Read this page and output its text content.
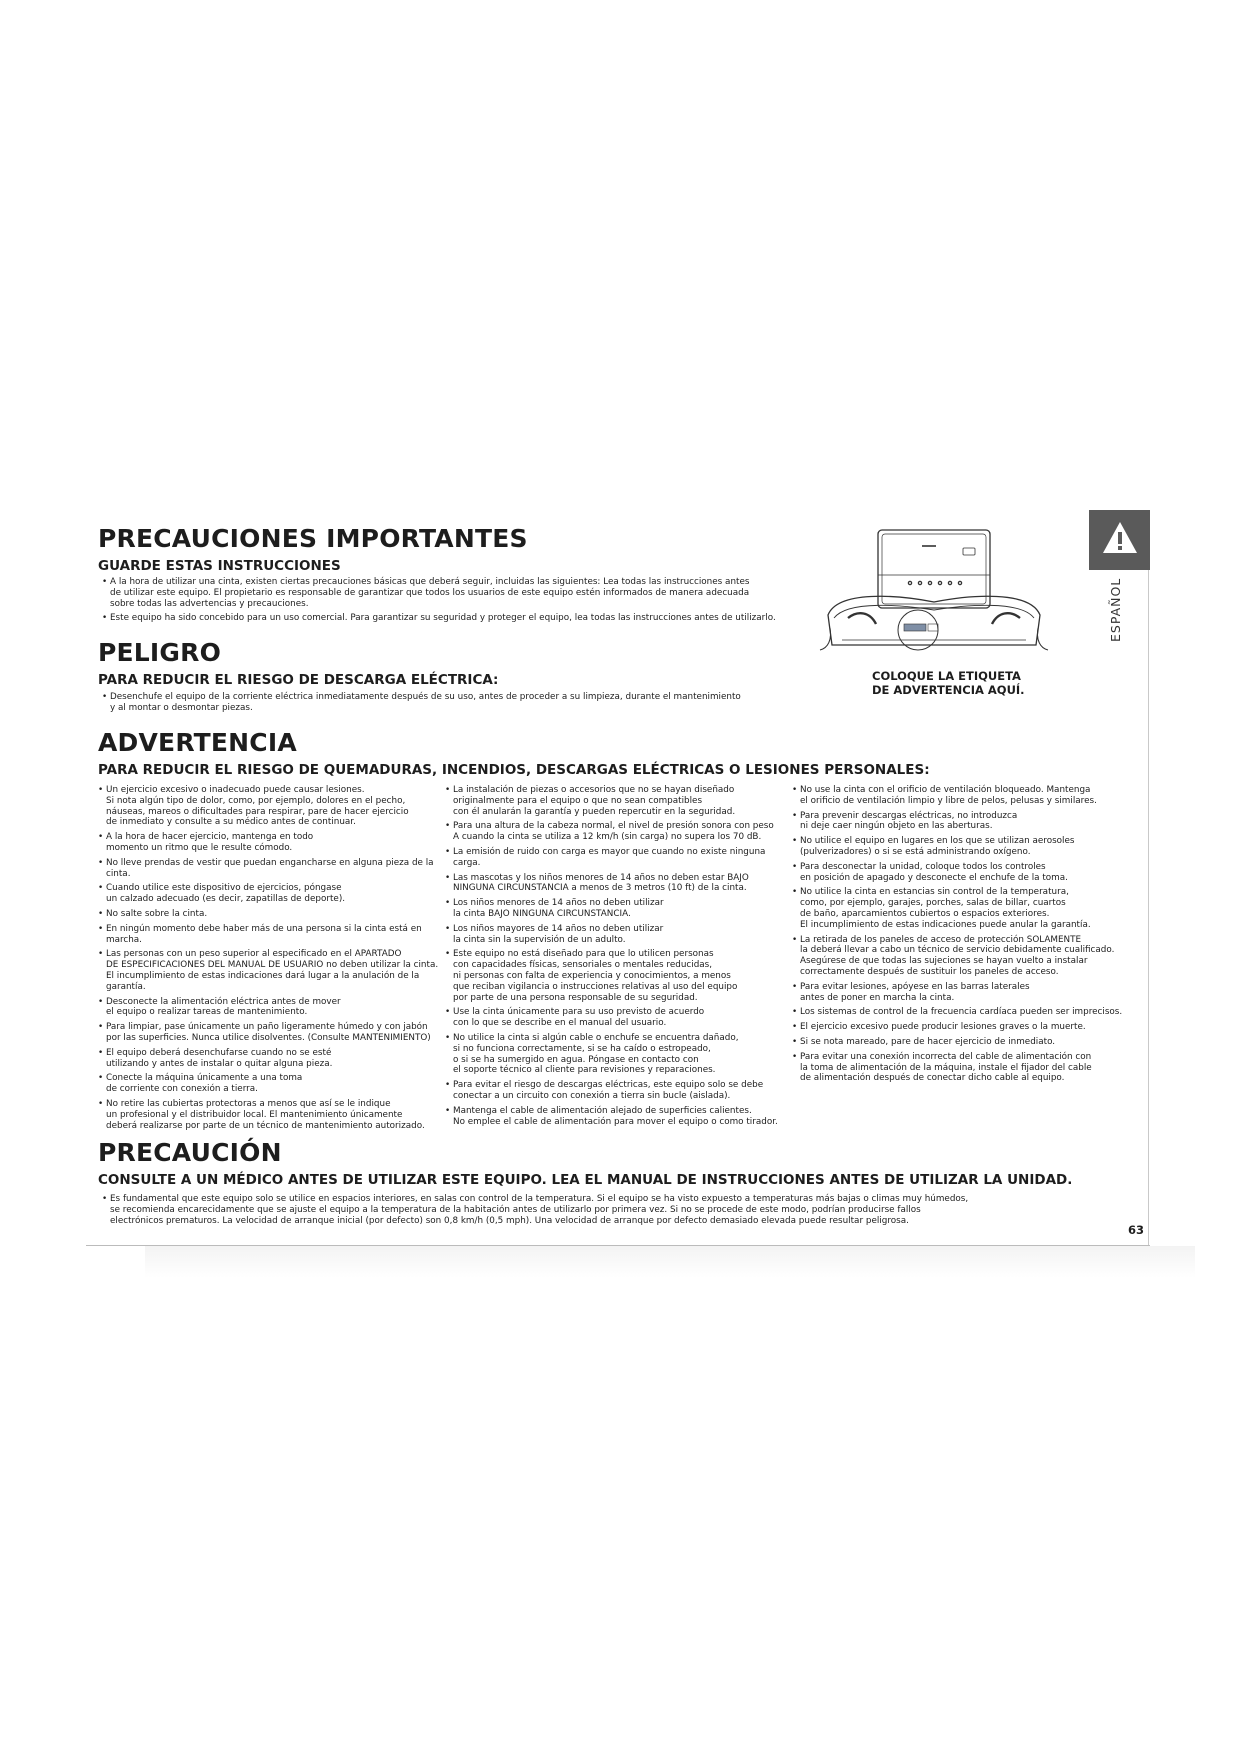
PRECAUCIONES IMPORTANTES
GUARDE ESTAS INSTRUCCIONES
• A la hora de utilizar una cinta, existen ciertas precauciones básicas que deberá seguir, incluidas las siguientes: Lea todas las instrucciones antes
de utilizar este equipo. El propietario es responsable de garantizar que todos los usuarios de este equipo estén informados de manera adecuada
sobre todas las advertencias y precauciones.
• Este equipo ha sido concebido para un uso comercial. Para garantizar su seguridad y proteger el equipo, lea todas las instrucciones antes de utilizarlo.
PELIGRO
PARA REDUCIR EL RIESGO DE DESCARGA ELÉCTRICA:
• Desenchufe el equipo de la corriente eléctrica inmediatamente después de su uso, antes de proceder a su limpieza, durante el mantenimiento
y al montar o desmontar piezas.
ADVERTENCIA
PARA REDUCIR EL RIESGO DE QUEMADURAS, INCENDIOS, DESCARGAS ELÉCTRICAS O LESIONES PERSONALES:
• Un ejercicio excesivo o inadecuado puede causar lesiones.
Si nota algún tipo de dolor, como, por ejemplo, dolores en el pecho,
náuseas, mareos o dificultades para respirar, pare de hacer ejercicio
de inmediato y consulte a su médico antes de continuar.
• A la hora de hacer ejercicio, mantenga en todo
momento un ritmo que le resulte cómodo.
• No lleve prendas de vestir que puedan engancharse en alguna pieza de la cinta.
• Cuando utilice este dispositivo de ejercicios, póngase
un calzado adecuado (es decir, zapatillas de deporte).
• No salte sobre la cinta.
• En ningún momento debe haber más de una persona si la cinta está en marcha.
• Las personas con un peso superior al especificado en el APARTADO
DE ESPECIFICACIONES DEL MANUAL DE USUARIO no deben utilizar la cinta.
El incumplimiento de estas indicaciones dará lugar a la anulación de la garantía.
• Desconecte la alimentación eléctrica antes de mover
el equipo o realizar tareas de mantenimiento.
• Para limpiar, pase únicamente un paño ligeramente húmedo y con jabón
por las superficies. Nunca utilice disolventes. (Consulte MANTENIMIENTO)
• El equipo deberá desenchufarse cuando no se esté
utilizando y antes de instalar o quitar alguna pieza.
• Conecte la máquina únicamente a una toma
de corriente con conexión a tierra.
• No retire las cubiertas protectoras a menos que así se le indique
un profesional y el distribuidor local. El mantenimiento únicamente
deberá realizarse por parte de un técnico de mantenimiento autorizado.
• La instalación de piezas o accesorios que no se hayan diseñado
originalmente para el equipo o que no sean compatibles
con él anularán la garantía y pueden repercutir en la seguridad.
• Para una altura de la cabeza normal, el nivel de presión sonora con peso
A cuando la cinta se utiliza a 12 km/h (sin carga) no supera los 70 dB.
• La emisión de ruido con carga es mayor que cuando no existe ninguna carga.
• Las mascotas y los niños menores de 14 años no deben estar BAJO
NINGUNA CIRCUNSTANCIA a menos de 3 metros (10 ft) de la cinta.
• Los niños menores de 14 años no deben utilizar
la cinta BAJO NINGUNA CIRCUNSTANCIA.
• Los niños mayores de 14 años no deben utilizar
la cinta sin la supervisión de un adulto.
• Este equipo no está diseñado para que lo utilicen personas
con capacidades físicas, sensoriales o mentales reducidas,
ni personas con falta de experiencia y conocimientos, a menos
que reciban vigilancia o instrucciones relativas al uso del equipo
por parte de una persona responsable de su seguridad.
• Use la cinta únicamente para su uso previsto de acuerdo
con lo que se describe en el manual del usuario.
• No utilice la cinta si algún cable o enchufe se encuentra dañado,
si no funciona correctamente, si se ha caído o estropeado,
o si se ha sumergido en agua. Póngase en contacto con
el soporte técnico al cliente para revisiones y reparaciones.
• Para evitar el riesgo de descargas eléctricas, este equipo solo se debe
conectar a un circuito con conexión a tierra sin bucle (aislada).
• Mantenga el cable de alimentación alejado de superficies calientes.
No emplee el cable de alimentación para mover el equipo o como tirador.
• No use la cinta con el orificio de ventilación bloqueado. Mantenga
el orificio de ventilación limpio y libre de pelos, pelusas y similares.
• Para prevenir descargas eléctricas, no introduzca
ni deje caer ningún objeto en las aberturas.
• No utilice el equipo en lugares en los que se utilizan aerosoles
(pulverizadores) o si se está administrando oxígeno.
• Para desconectar la unidad, coloque todos los controles
en posición de apagado y desconecte el enchufe de la toma.
• No utilice la cinta en estancias sin control de la temperatura,
como, por ejemplo, garajes, porches, salas de billar, cuartos
de baño, aparcamientos cubiertos o espacios exteriores.
El incumplimiento de estas indicaciones puede anular la garantía.
• La retirada de los paneles de acceso de protección SOLAMENTE
la deberá llevar a cabo un técnico de servicio debidamente cualificado.
Asegúrese de que todas las sujeciones se hayan vuelto a instalar
correctamente después de sustituir los paneles de acceso.
• Para evitar lesiones, apóyese en las barras laterales
antes de poner en marcha la cinta.
• Los sistemas de control de la frecuencia cardíaca pueden ser imprecisos.
• El ejercicio excesivo puede producir lesiones graves o la muerte.
• Si se nota mareado, pare de hacer ejercicio de inmediato.
• Para evitar una conexión incorrecta del cable de alimentación con
la toma de alimentación de la máquina, instale el fijador del cable
de alimentación después de conectar dicho cable al equipo.
PRECAUCIÓN
CONSULTE A UN MÉDICO ANTES DE UTILIZAR ESTE EQUIPO. LEA EL MANUAL DE INSTRUCCIONES ANTES DE UTILIZAR LA UNIDAD.
• Es fundamental que este equipo solo se utilice en espacios interiores, en salas con control de la temperatura. Si el equipo se ha visto expuesto a temperaturas más bajas o climas muy húmedos,
se recomienda encarecidamente que se ajuste el equipo a la temperatura de la habitación antes de utilizarlo por primera vez. Si no se procede de este modo, podrían producirse fallos
electrónicos prematuros. La velocidad de arranque inicial (por defecto) son 0,8 km/h (0,5 mph). Una velocidad de arranque por defecto demasiado elevada puede resultar peligrosa.
COLOQUE LA ETIQUETA
DE ADVERTENCIA AQUÍ.
ESPAÑOL
63
